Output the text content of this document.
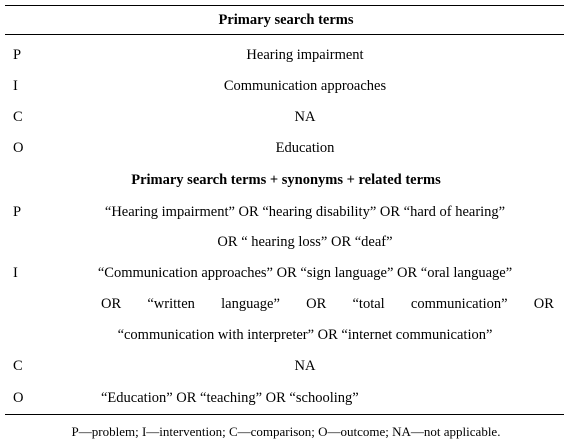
Primary search terms
P	Hearing impairment
I	Communication approaches
C	NA
O	Education
Primary search terms + synonyms + related terms
P	“Hearing impairment” OR “hearing disability” OR “hard of hearing”
OR “ hearing loss” OR “deaf”
I	“Communication approaches” OR “sign language” OR “oral language”
OR “written language” OR “total communication” OR
“communication with interpreter” OR “internet communication”
C	NA
O	“Education” OR “teaching” OR “schooling”
P—problem; I—intervention; C—comparison; O—outcome; NA—not applicable.
